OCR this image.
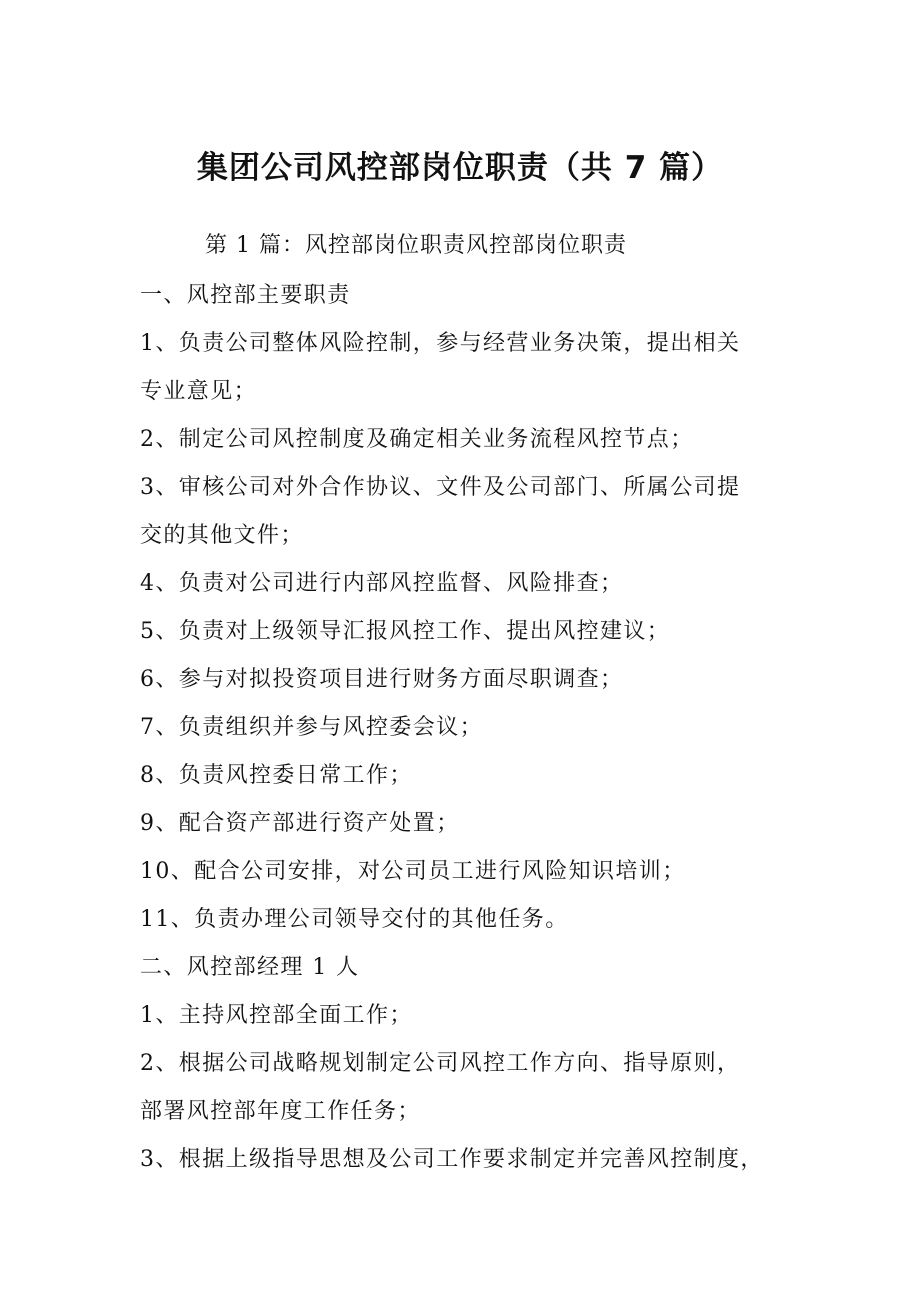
集团公司风控部岗位职责（共 7 篇）
第 1 篇：风控部岗位职责风控部岗位职责
一、风控部主要职责
1、负责公司整体风险控制，参与经营业务决策，提出相关
专业意见；
2、制定公司风控制度及确定相关业务流程风控节点；
3、审核公司对外合作协议、文件及公司部门、所属公司提
交的其他文件；
4、负责对公司进行内部风控监督、风险排查；
5、负责对上级领导汇报风控工作、提出风控建议；
6、参与对拟投资项目进行财务方面尽职调查；
7、负责组织并参与风控委会议；
8、负责风控委日常工作；
9、配合资产部进行资产处置；
10、配合公司安排，对公司员工进行风险知识培训；
11、负责办理公司领导交付的其他任务。
二、风控部经理 1 人
1、主持风控部全面工作；
2、根据公司战略规划制定公司风控工作方向、指导原则，
部署风控部年度工作任务；
3、根据上级指导思想及公司工作要求制定并完善风控制度，
